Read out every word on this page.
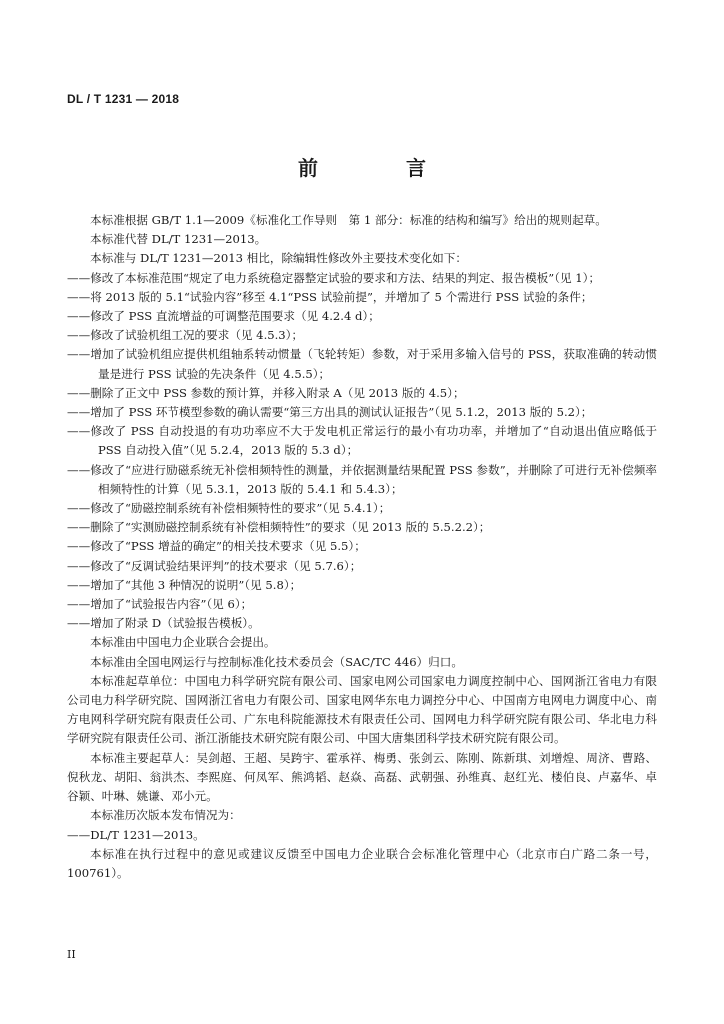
DL / T 1231 — 2018
前　言

本标准根据 GB/T 1.1—2009《标准化工作导则　第 1 部分：标准的结构和编写》给出的规则起草。

本标准代替 DL/T 1231—2013。

本标准与 DL/T 1231—2013 相比，除编辑性修改外主要技术变化如下：

——修改了本标准范围“规定了电力系统稳定器整定试验的要求和方法、结果的判定、报告模板”（见 1）；
——将 2013 版的 5.1“试验内容”移至 4.1“PSS 试验前提”，并增加了 5 个需进行 PSS 试验的条件；
——修改了 PSS 直流增益的可调整范围要求（见 4.2.4 d）；
——修改了试验机组工况的要求（见 4.5.3）；
——增加了试验机组应提供机组轴系转动惯量（飞轮转矩）参数，对于采用多输入信号的 PSS，获取准确的转动惯量是进行 PSS 试验的先决条件（见 4.5.5）；
——删除了正文中 PSS 参数的预计算，并移入附录 A（见 2013 版的 4.5）；
——增加了 PSS 环节模型参数的确认需要“第三方出具的测试认证报告”（见 5.1.2，2013 版的 5.2）；
——修改了 PSS 自动投退的有功功率应不大于发电机正常运行的最小有功功率，并增加了“自动退出值应略低于 PSS 自动投入值”（见 5.2.4，2013 版的 5.3 d）；
——修改了“应进行励磁系统无补偿相频特性的测量，并依据测量结果配置 PSS 参数”，并删除了可进行无补偿频率相频特性的计算（见 5.3.1，2013 版的 5.4.1 和 5.4.3）；
——修改了“励磁控制系统有补偿相频特性的要求”（见 5.4.1）；
——删除了“实测励磁控制系统有补偿相频特性”的要求（见 2013 版的 5.5.2.2）；
——修改了“PSS 增益的确定”的相关技术要求（见 5.5）；
——修改了“反调试验结果评判”的技术要求（见 5.7.6）；
——增加了“其他 3 种情况的说明”（见 5.8）；
——增加了“试验报告内容”（见 6）；
——增加了附录 D（试验报告模板）。

本标准由中国电力企业联合会提出。

本标准由全国电网运行与控制标准化技术委员会（SAC/TC 446）归口。

本标准起草单位：中国电力科学研究院有限公司、国家电网公司国家电力调度控制中心、国网浙江省电力有限公司电力科学研究院、国网浙江省电力有限公司、国家电网华东电力调控分中心、中国南方电网电力调度中心、南方电网科学研究院有限责任公司、广东电科院能源技术有限责任公司、国网电力科学研究院有限公司、华北电力科学研究院有限责任公司、浙江浙能技术研究院有限公司、中国大唐集团科学技术研究院有限公司。

本标准主要起草人：吴剑超、王超、吴跨宇、霍承祥、梅勇、张剑云、陈刚、陈新琪、刘增煌、周济、曹路、倪秋龙、胡阳、翁洪杰、李熙庭、何凤军、熊鸿韬、赵焱、高磊、武朝强、孙维真、赵红光、楼伯良、卢嘉华、卓谷颖、叶琳、姚谦、邓小元。

本标准历次版本发布情况为：

——DL/T 1231—2013。

本标准在执行过程中的意见或建议反馈至中国电力企业联合会标准化管理中心（北京市白广路二条一号，100761）。

II
